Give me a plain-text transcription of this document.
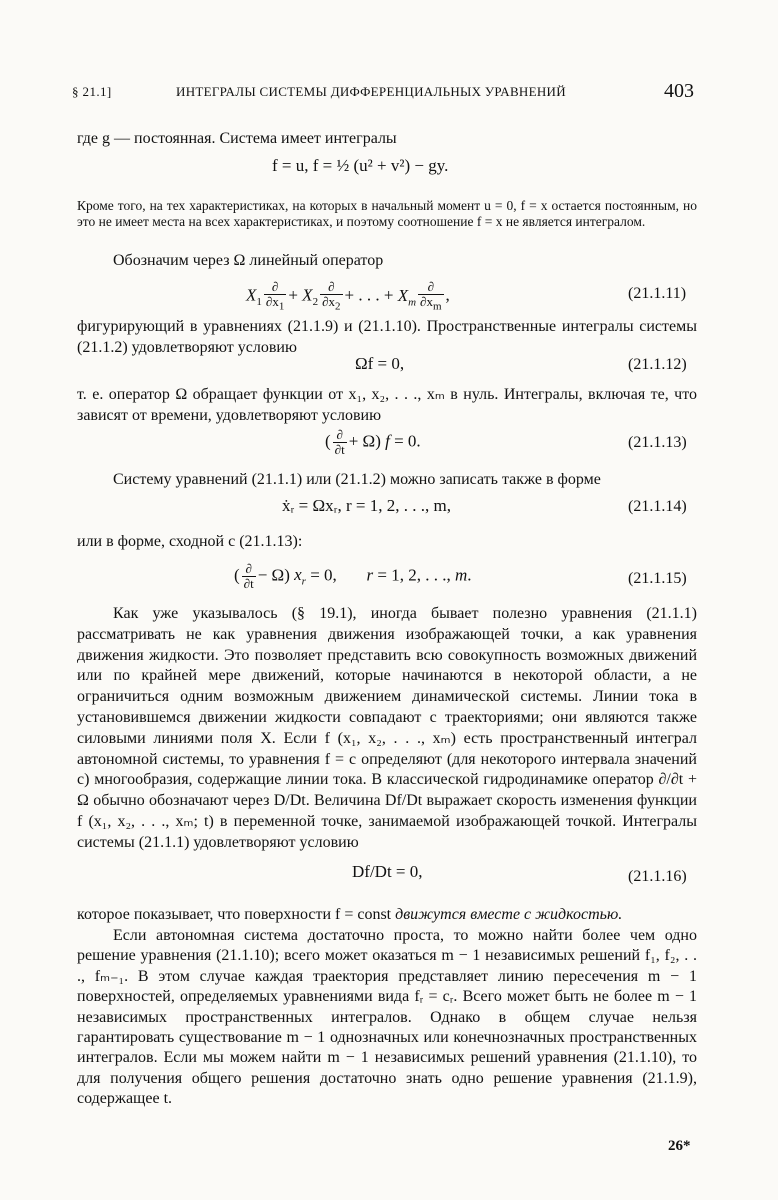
§ 21.1]	ИНТЕГРАЛЫ СИСТЕМЫ ДИФФЕРЕНЦИАЛЬНЫХ УРАВНЕНИЙ	403
где g — постоянная. Система имеет интегралы
f = u, f = ½ (u² + v²) − gy.
Кроме того, на тех характеристиках, на которых в начальный момент u = 0, f = x остается постоянным, но это не имеет места на всех характеристиках, и поэтому соотношение f = x не является интегралом.
Обозначим через Ω линейный оператор
$X_1 \frac{\partial}{\partial x_1} + X_2 \frac{\partial}{\partial x_2}$ + . . . + $X_m \frac{\partial}{\partial x_m}$ ,	(21.1.11)
фигурирующий в уравнениях (21.1.9) и (21.1.10). Пространственные интегралы системы (21.1.2) удовлетворяют условию
Ωf = 0,	(21.1.12)
т. е. оператор Ω обращает функции от x₁, x₂, . . ., xₘ в нуль. Интегралы, включая те, что зависят от времени, удовлетворяют условию
( $\frac{\partial}{\partial t} + \Omega$) f = 0.	(21.1.13)
Систему уравнений (21.1.1) или (21.1.2) можно записать также в форме
ẋᵣ = Ωxᵣ, r = 1, 2, . . ., m,	(21.1.14)
или в форме, сходной с (21.1.13):
( $\frac{\partial}{\partial t} - \Omega$) $x_r = 0$,       r = 1, 2, . . ., m.	(21.1.15)
Как уже указывалось (§ 19.1), иногда бывает полезно уравнения (21.1.1) рассматривать не как уравнения движения изображающей точки, а как уравнения движения жидкости. Это позволяет представить всю совокупность возможных движений или по крайней мере движений, которые начинаются в некоторой области, а не ограничиться одним возможным движением динамической системы. Линии тока в установившемся движении жидкости совпадают с траекториями; они являются также силовыми линиями поля X. Если f (x₁, x₂, . . ., xₘ) есть пространственный интеграл автономной системы, то уравнения f = c определяют (для некоторого интервала значений c) многообразия, содержащие линии тока. В классической гидродинамике оператор ∂/∂t + Ω обычно обозначают через D/Dt. Величина Df/Dt выражает скорость изменения функции f (x₁, x₂, . . ., xₘ; t) в переменной точке, занимаемой изображающей точкой. Интегралы системы (21.1.1) удовлетворяют условию
Df/Dt = 0,	(21.1.16)
которое показывает, что поверхности f = const движутся вместе с жидкостью.
Если автономная система достаточно проста, то можно найти более чем одно решение уравнения (21.1.10); всего может оказаться m − 1 независимых решений f₁, f₂, . . ., fₘ₋₁. В этом случае каждая траектория представляет линию пересечения m − 1 поверхностей, определяемых уравнениями вида fᵣ = cᵣ. Всего может быть не более m − 1 независимых пространственных интегралов. Однако в общем случае нельзя гарантировать существование m − 1 однозначных или конечнозначных пространственных интегралов. Если мы можем найти m − 1 независимых решений уравнения (21.1.10), то для получения общего решения достаточно знать одно решение уравнения (21.1.9), содержащее t.
26*
